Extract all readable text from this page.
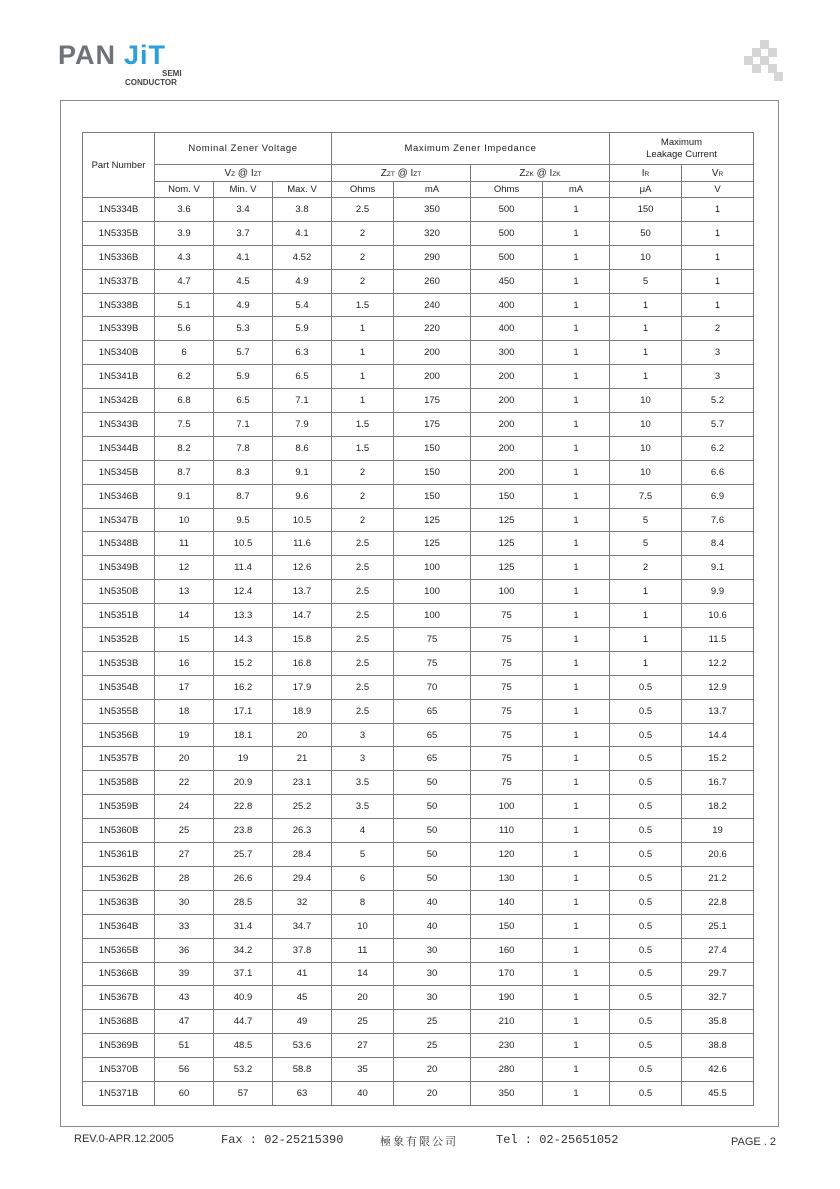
PAN JiT
SEMI
CONDUCTOR
Part Number	Nominal Zener Voltage			Maximum Zener Impedance				Maximum
Leakage Current	
	VZ @ IZT			ZZT @ IZT		ZZK @ IZK		IR	VR
	Nom. V	Min. V	Max. V	Ohms	mA	Ohms	mA	μA	V
1N5334B	3.6	3.4	3.8	2.5	350	500	1	150	1
1N5335B	3.9	3.7	4.1	2	320	500	1	50	1
1N5336B	4.3	4.1	4.52	2	290	500	1	10	1
1N5337B	4.7	4.5	4.9	2	260	450	1	5	1
1N5338B	5.1	4.9	5.4	1.5	240	400	1	1	1
1N5339B	5.6	5.3	5.9	1	220	400	1	1	2
1N5340B	6	5.7	6.3	1	200	300	1	1	3
1N5341B	6.2	5.9	6.5	1	200	200	1	1	3
1N5342B	6.8	6.5	7.1	1	175	200	1	10	5.2
1N5343B	7.5	7.1	7.9	1.5	175	200	1	10	5.7
1N5344B	8.2	7.8	8.6	1.5	150	200	1	10	6.2
1N5345B	8.7	8.3	9.1	2	150	200	1	10	6.6
1N5346B	9.1	8.7	9.6	2	150	150	1	7.5	6.9
1N5347B	10	9.5	10.5	2	125	125	1	5	7.6
1N5348B	11	10.5	11.6	2.5	125	125	1	5	8.4
1N5349B	12	11.4	12.6	2.5	100	125	1	2	9.1
1N5350B	13	12.4	13.7	2.5	100	100	1	1	9.9
1N5351B	14	13.3	14.7	2.5	100	75	1	1	10.6
1N5352B	15	14.3	15.8	2.5	75	75	1	1	11.5
1N5353B	16	15.2	16.8	2.5	75	75	1	1	12.2
1N5354B	17	16.2	17.9	2.5	70	75	1	0.5	12.9
1N5355B	18	17.1	18.9	2.5	65	75	1	0.5	13.7
1N5356B	19	18.1	20	3	65	75	1	0.5	14.4
1N5357B	20	19	21	3	65	75	1	0.5	15.2
1N5358B	22	20.9	23.1	3.5	50	75	1	0.5	16.7
1N5359B	24	22.8	25.2	3.5	50	100	1	0.5	18.2
1N5360B	25	23.8	26.3	4	50	110	1	0.5	19
1N5361B	27	25.7	28.4	5	50	120	1	0.5	20.6
1N5362B	28	26.6	29.4	6	50	130	1	0.5	21.2
1N5363B	30	28.5	32	8	40	140	1	0.5	22.8
1N5364B	33	31.4	34.7	10	40	150	1	0.5	25.1
1N5365B	36	34.2	37.8	11	30	160	1	0.5	27.4
1N5366B	39	37.1	41	14	30	170	1	0.5	29.7
1N5367B	43	40.9	45	20	30	190	1	0.5	32.7
1N5368B	47	44.7	49	25	25	210	1	0.5	35.8
1N5369B	51	48.5	53.6	27	25	230	1	0.5	38.8
1N5370B	56	53.2	58.8	35	20	280	1	0.5	42.6
1N5371B	60	57	63	40	20	350	1	0.5	45.5
REV.0-APR.12.2005	Fax : 02-25215390	極象有限公司	Tel : 02-25651052	PAGE . 2
